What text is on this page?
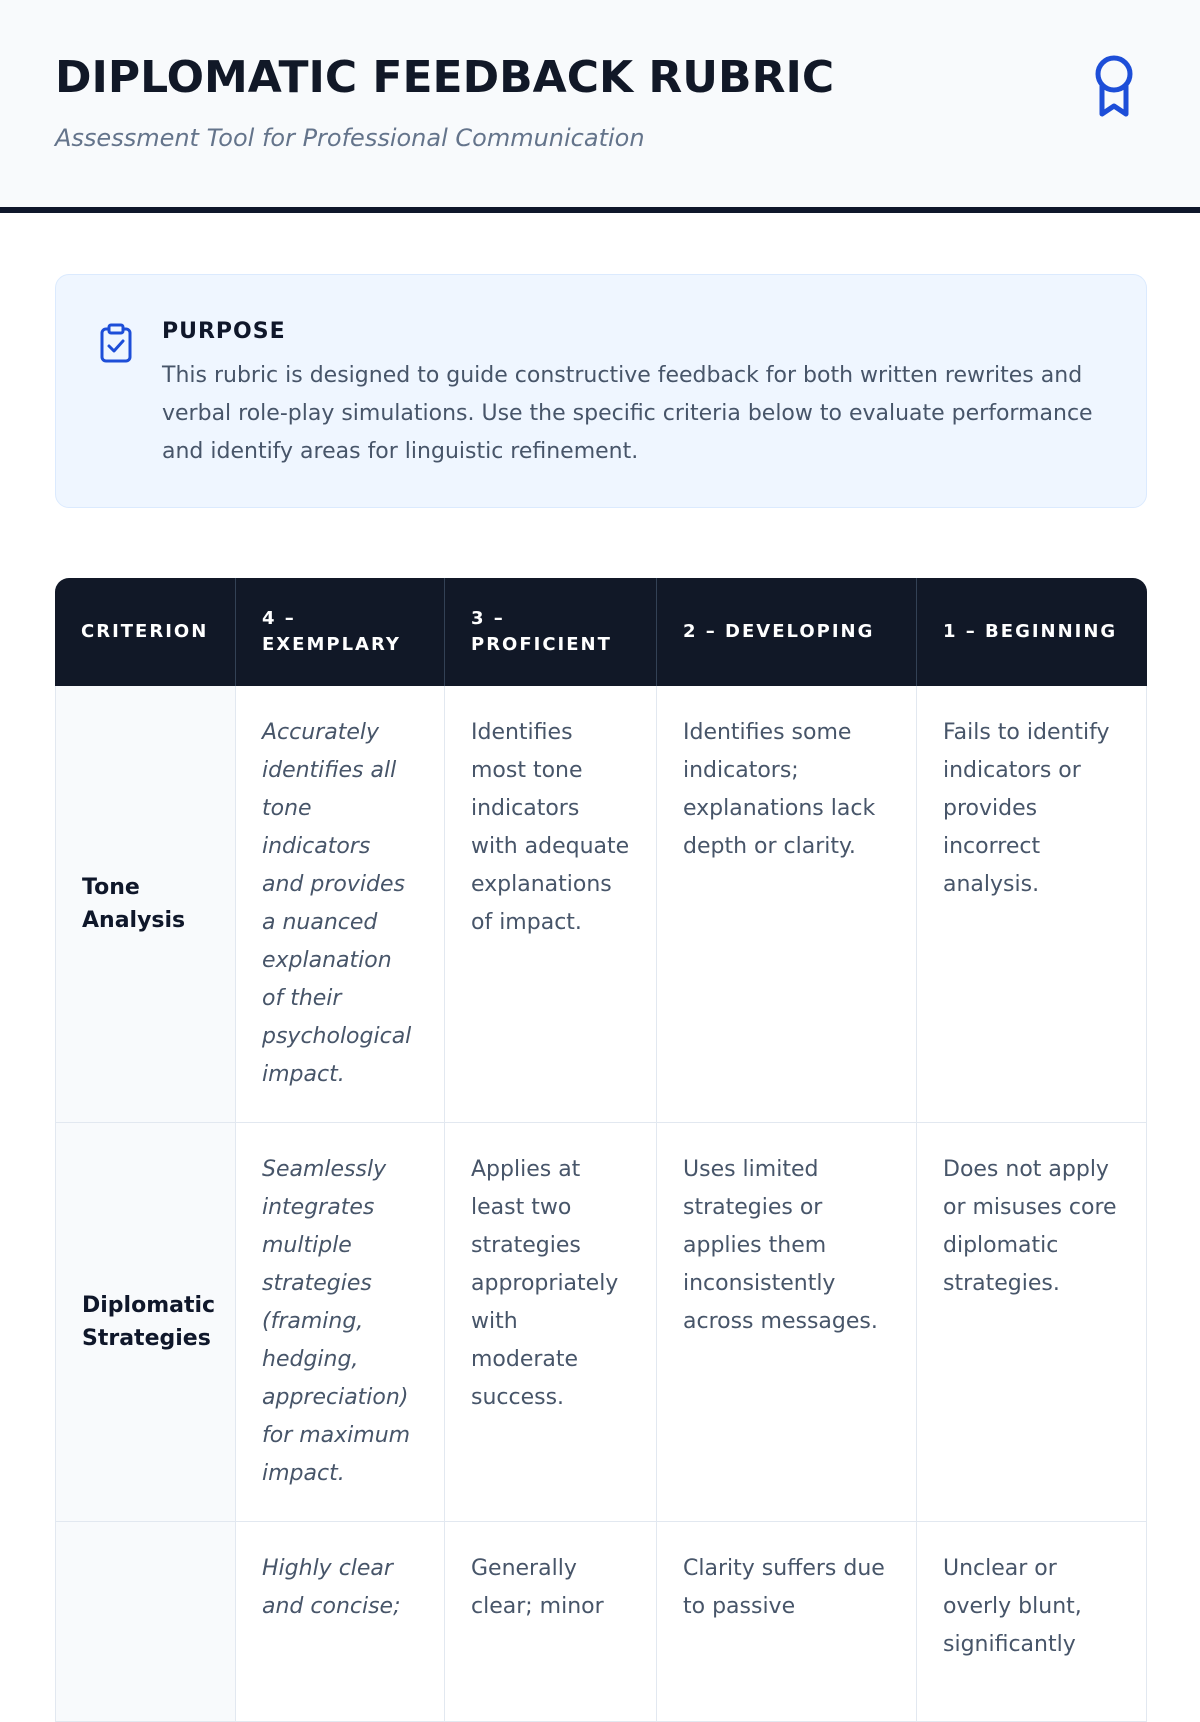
DIPLOMATIC FEEDBACK RUBRIC

Assessment Tool for Professional Communication

PURPOSE

This rubric is designed to guide constructive feedback for both written rewrites and verbal role-play simulations. Use the specific criteria below to evaluate performance and identify areas for linguistic refinement.

CRITERION	4 – EXEMPLARY	3 – PROFICIENT	2 – DEVELOPING	1 – BEGINNING
Tone Analysis	Accurately identifies all tone indicators and provides a nuanced explanation of their psychological impact.	Identifies most tone indicators with adequate explanations of impact.	Identifies some indicators; explanations lack depth or clarity.	Fails to identify indicators or provides incorrect analysis.
Diplomatic Strategies	Seamlessly integrates multiple strategies (framing, hedging, appreciation) for maximum impact.	Applies at least two strategies appropriately with moderate success.	Uses limited strategies or applies them inconsistently across messages.	Does not apply or misuses core diplomatic strategies.
	Highly clear and concise;	Generally clear; minor	Clarity suffers due to passive	Unclear or overly blunt, significantly
